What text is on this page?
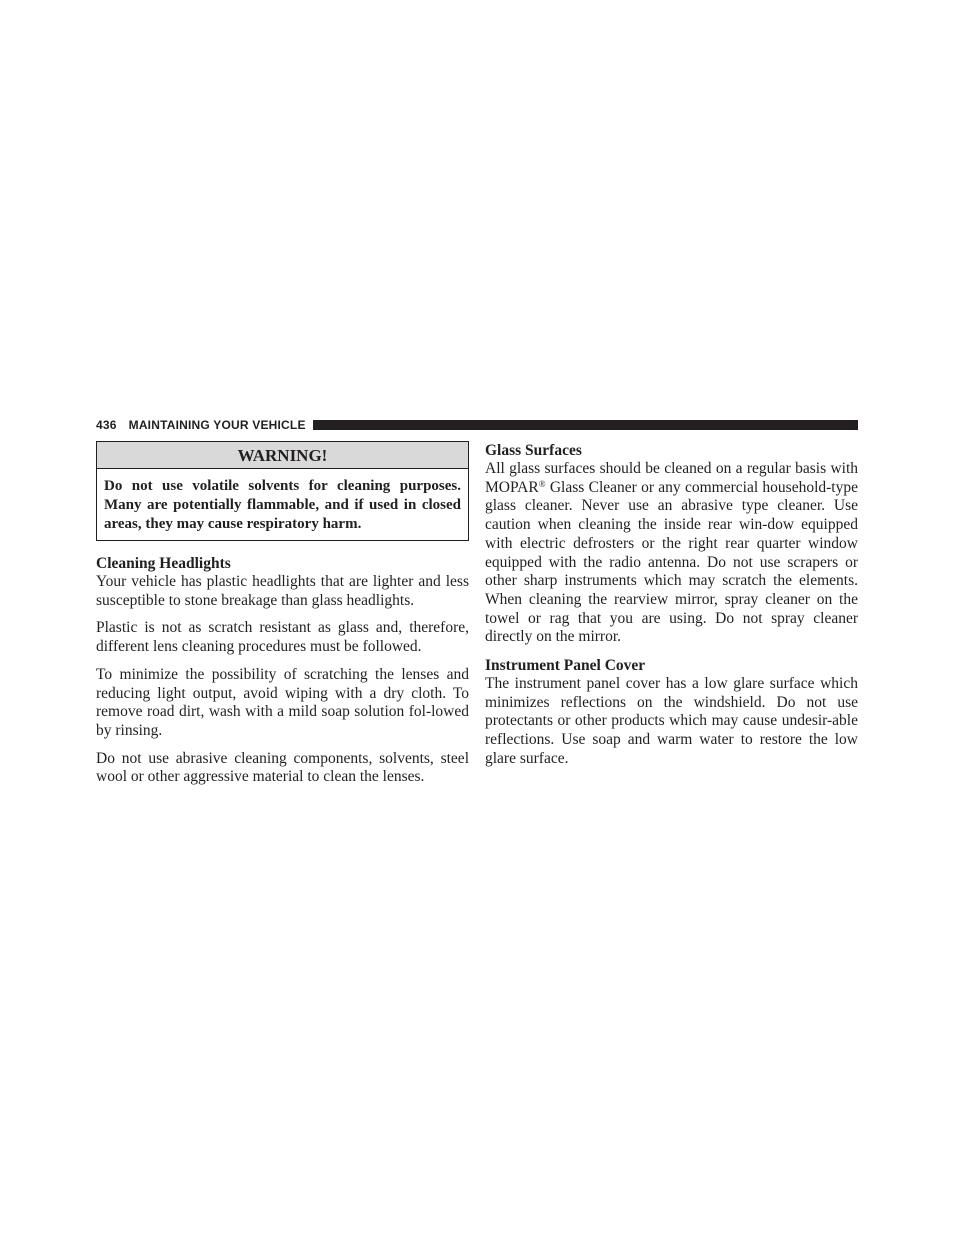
436 MAINTAINING YOUR VEHICLE
WARNING!
Do not use volatile solvents for cleaning purposes. Many are potentially flammable, and if used in closed areas, they may cause respiratory harm.
Cleaning Headlights

Your vehicle has plastic headlights that are lighter and less susceptible to stone breakage than glass headlights.

Plastic is not as scratch resistant as glass and, therefore, different lens cleaning procedures must be followed.

To minimize the possibility of scratching the lenses and reducing light output, avoid wiping with a dry cloth. To remove road dirt, wash with a mild soap solution fol-lowed by rinsing.

Do not use abrasive cleaning components, solvents, steel wool or other aggressive material to clean the lenses.

Glass Surfaces

All glass surfaces should be cleaned on a regular basis with MOPAR® Glass Cleaner or any commercial household-type glass cleaner. Never use an abrasive type cleaner. Use caution when cleaning the inside rear win-dow equipped with electric defrosters or the right rear quarter window equipped with the radio antenna. Do not use scrapers or other sharp instruments which may scratch the elements. When cleaning the rearview mirror, spray cleaner on the towel or rag that you are using. Do not spray cleaner directly on the mirror.

Instrument Panel Cover

The instrument panel cover has a low glare surface which minimizes reflections on the windshield. Do not use protectants or other products which may cause undesir-able reflections. Use soap and warm water to restore the low glare surface.
